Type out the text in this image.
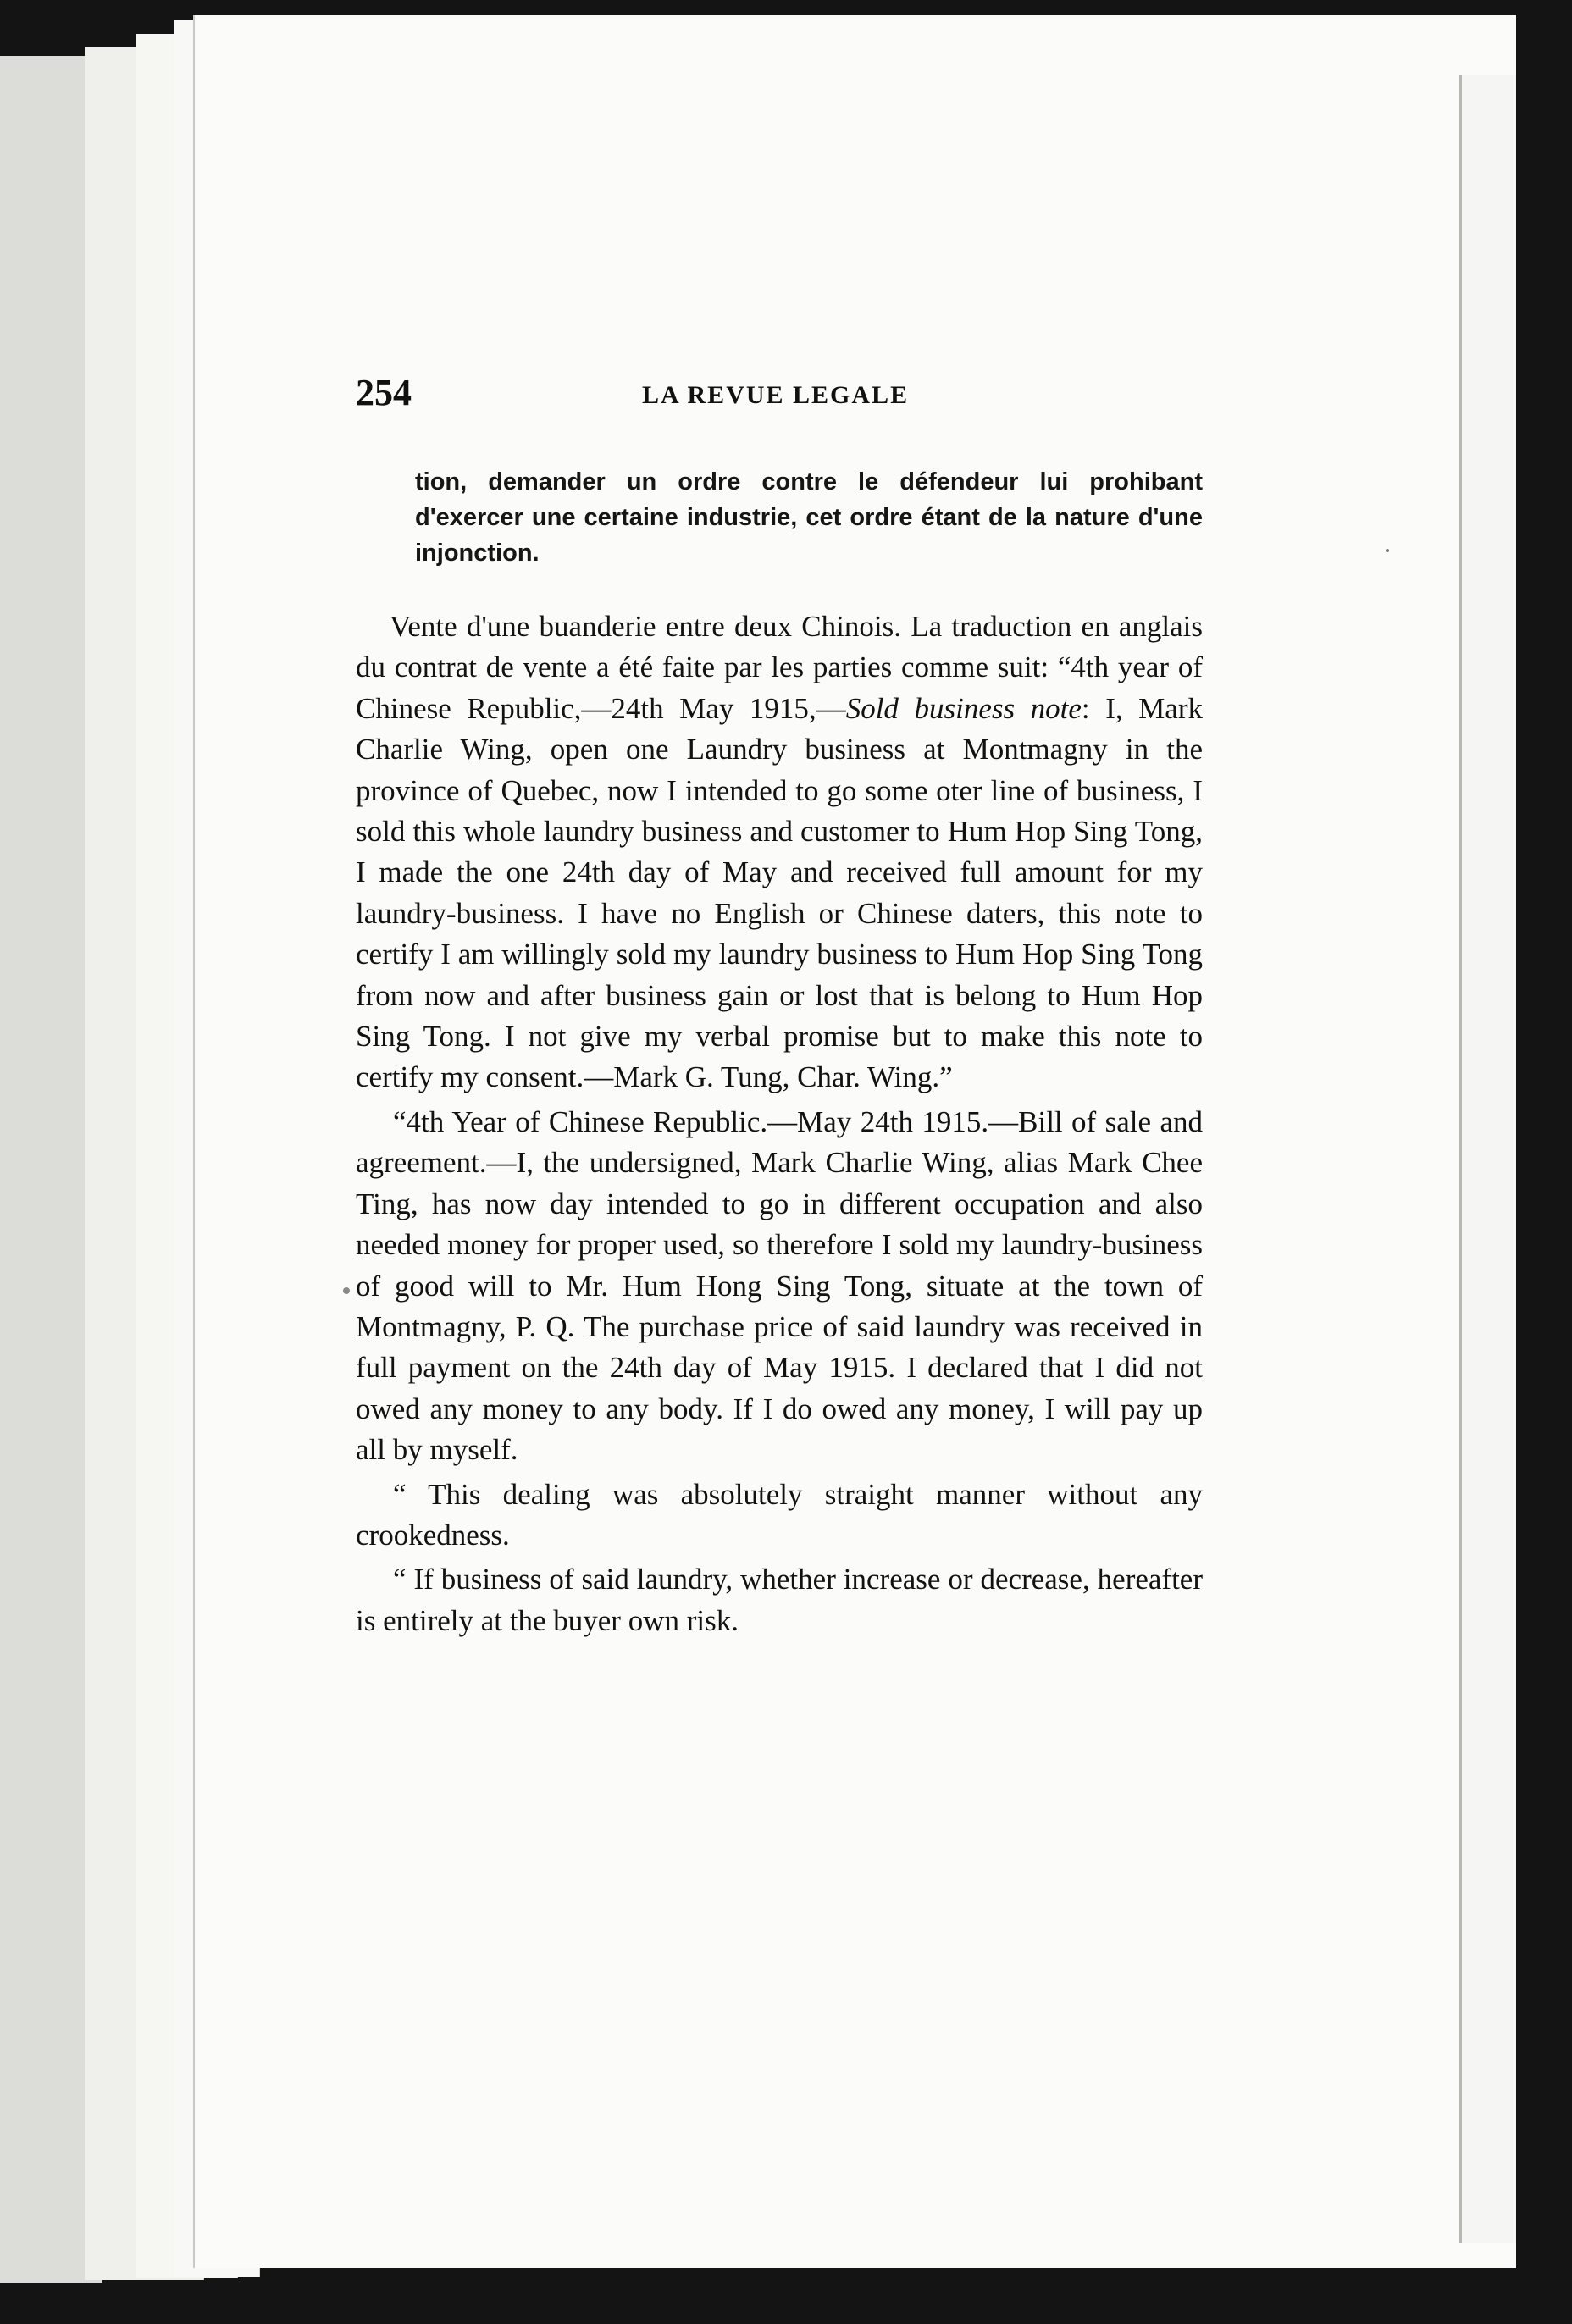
254	LA REVUE LEGALE
tion, demander un ordre contre le défendeur lui prohibant d'exercer une certaine industrie, cet ordre étant de la nature d'une injonction.

Vente d'une buanderie entre deux Chinois. La traduction en anglais du contrat de vente a été faite par les parties comme suit: “4th year of Chinese Republic,—24th May 1915,—Sold business note: I, Mark Charlie Wing, open one Laundry business at Montmagny in the province of Quebec, now I intended to go some oter line of business, I sold this whole laundry business and customer to Hum Hop Sing Tong, I made the one 24th day of May and received full amount for my laundry-business. I have no English or Chinese daters, this note to certify I am willingly sold my laundry business to Hum Hop Sing Tong from now and after business gain or lost that is belong to Hum Hop Sing Tong. I not give my verbal promise but to make this note to certify my consent.—Mark G. Tung, Char. Wing.”

“4th Year of Chinese Republic.—May 24th 1915.—Bill of sale and agreement.—I, the undersigned, Mark Charlie Wing, alias Mark Chee Ting, has now day intended to go in different occupation and also needed money for proper used, so therefore I sold my laundry-business of good will to Mr. Hum Hong Sing Tong, situate at the town of Montmagny, P. Q. The purchase price of said laundry was received in full payment on the 24th day of May 1915. I declared that I did not owed any money to any body. If I do owed any money, I will pay up all by myself.

“ This dealing was absolutely straight manner without any crookedness.

“ If business of said laundry, whether increase or decrease, hereafter is entirely at the buyer own risk.
